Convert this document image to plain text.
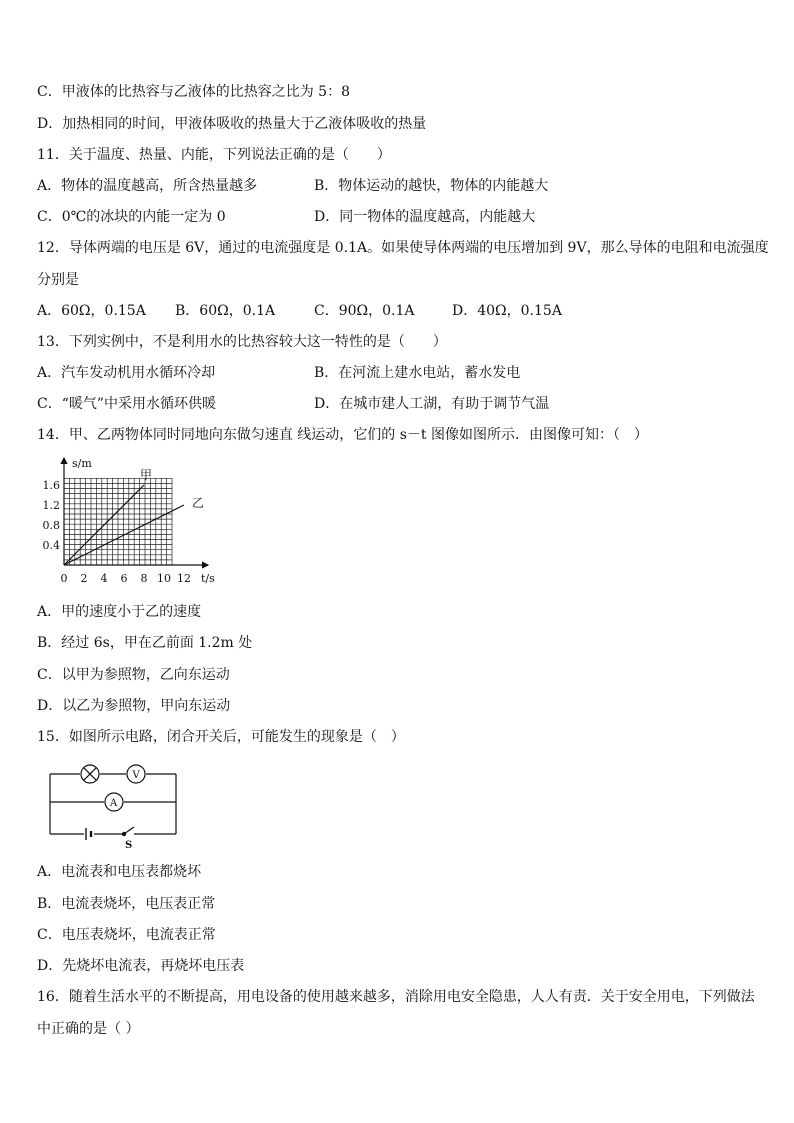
C．甲液体的比热容与乙液体的比热容之比为 5：8
D．加热相同的时间，甲液体吸收的热量大于乙液体吸收的热量
11．关于温度、热量、内能，下列说法正确的是（　　）
A．物体的温度越高，所含热量越多	B．物体运动的越快，物体的内能越大
C．0℃的冰块的内能一定为 0	D．同一物体的温度越高，内能越大
12．导体两端的电压是 6V，通过的电流强度是 0.1A。如果使导体两端的电压增加到 9V，那么导体的电阻和电流强度
分别是
A．60Ω，0.15A B．60Ω，0.1A	C．90Ω，0.1A	D．40Ω，0.15A
13．下列实例中，不是利用水的比热容较大这一特性的是（　　）
A．汽车发动机用水循环冷却	B．在河流上建水电站，蓄水发电
C．“暖气”中采用水循环供暖	D．在城市建人工湖，有助于调节气温
14．甲、乙两物体同时同地向东做匀速直 线运动，它们的 s－t 图像如图所示．由图像可知：（　）
s/m
t/s
0 2 4 6 8 10 12
0.4
0.8
1.2
1.6
甲
乙
A．甲的速度小于乙的速度
B．经过 6s，甲在乙前面 1.2m 处
C．以甲为参照物，乙向东运动
D．以乙为参照物，甲向东运动
15．如图所示电路，闭合开关后，可能发生的现象是（　）
V
A
S
A．电流表和电压表都烧坏
B．电流表烧坏，电压表正常
C．电压表烧坏，电流表正常
D．先烧坏电流表，再烧坏电压表
16．随着生活水平的不断提高，用电设备的使用越来越多，消除用电安全隐患，人人有责．关于安全用电，下列做法
中正确的是（ ）
